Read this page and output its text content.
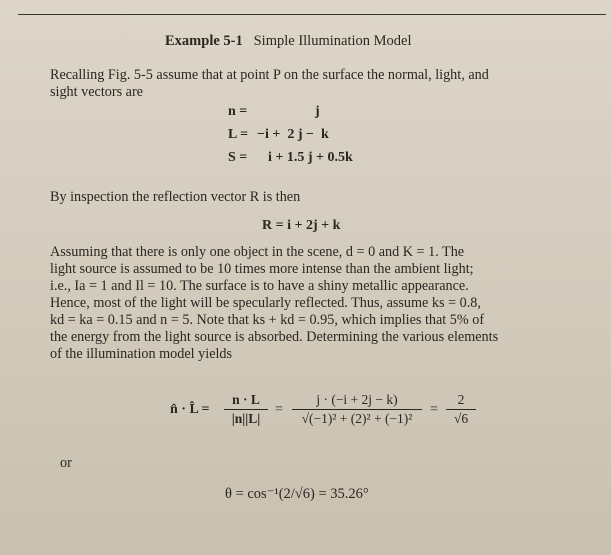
Example 5-1 Simple Illumination Model
Recalling Fig. 5-5 assume that at point P on the surface the normal, light, and
sight vectors are
n =	j
L = −i +  2 j −  k
S = i + 1.5 j + 0.5k
By inspection the reflection vector R is then
R = i + 2j + k
Assuming that there is only one object in the scene, d = 0 and K = 1. The
light source is assumed to be 10 times more intense than the ambient light;
i.e., Ia = 1 and Il = 10. The surface is to have a shiny metallic appearance.
Hence, most of the light will be specularly reflected. Thus, assume ks = 0.8,
kd = ka = 0.15 and n = 5. Note that ks + kd = 0.95, which implies that 5% of
the energy from the light source is absorbed. Determining the various elements
of the illumination model yields
n̂ · L̂ =
n · L
|n||L|
=
j · (−i + 2j − k)
√(−1)² + (2)² + (−1)²
=
2
√6
or
θ = cos⁻¹(2/√6) = 35.26°
